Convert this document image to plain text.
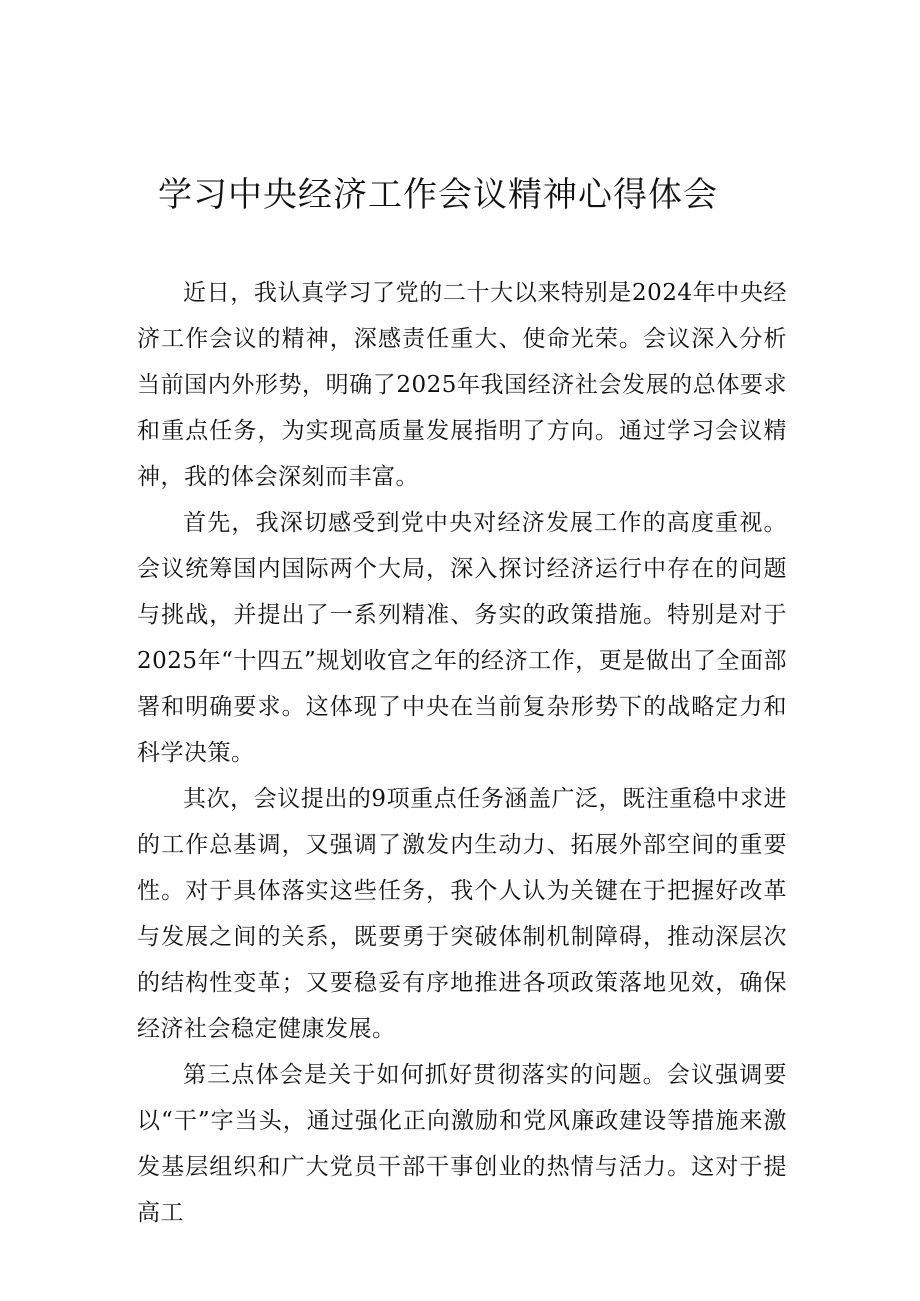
学习中央经济工作会议精神心得体会

近日，我认真学习了党的二十大以来特别是2024年中央经济工作会议的精神，深感责任重大、使命光荣。会议深入分析当前国内外形势，明确了2025年我国经济社会发展的总体要求和重点任务，为实现高质量发展指明了方向。通过学习会议精神，我的体会深刻而丰富。

首先，我深切感受到党中央对经济发展工作的高度重视。会议统筹国内国际两个大局，深入探讨经济运行中存在的问题与挑战，并提出了一系列精准、务实的政策措施。特别是对于2025年“十四五”规划收官之年的经济工作，更是做出了全面部署和明确要求。这体现了中央在当前复杂形势下的战略定力和科学决策。

其次，会议提出的9项重点任务涵盖广泛，既注重稳中求进的工作总基调，又强调了激发内生动力、拓展外部空间的重要性。对于具体落实这些任务，我个人认为关键在于把握好改革与发展之间的关系，既要勇于突破体制机制障碍，推动深层次的结构性变革；又要稳妥有序地推进各项政策落地见效，确保经济社会稳定健康发展。

第三点体会是关于如何抓好贯彻落实的问题。会议强调要以“干”字当头，通过强化正向激励和党风廉政建设等措施来激发基层组织和广大党员干部干事创业的热情与活力。这对于提高工
